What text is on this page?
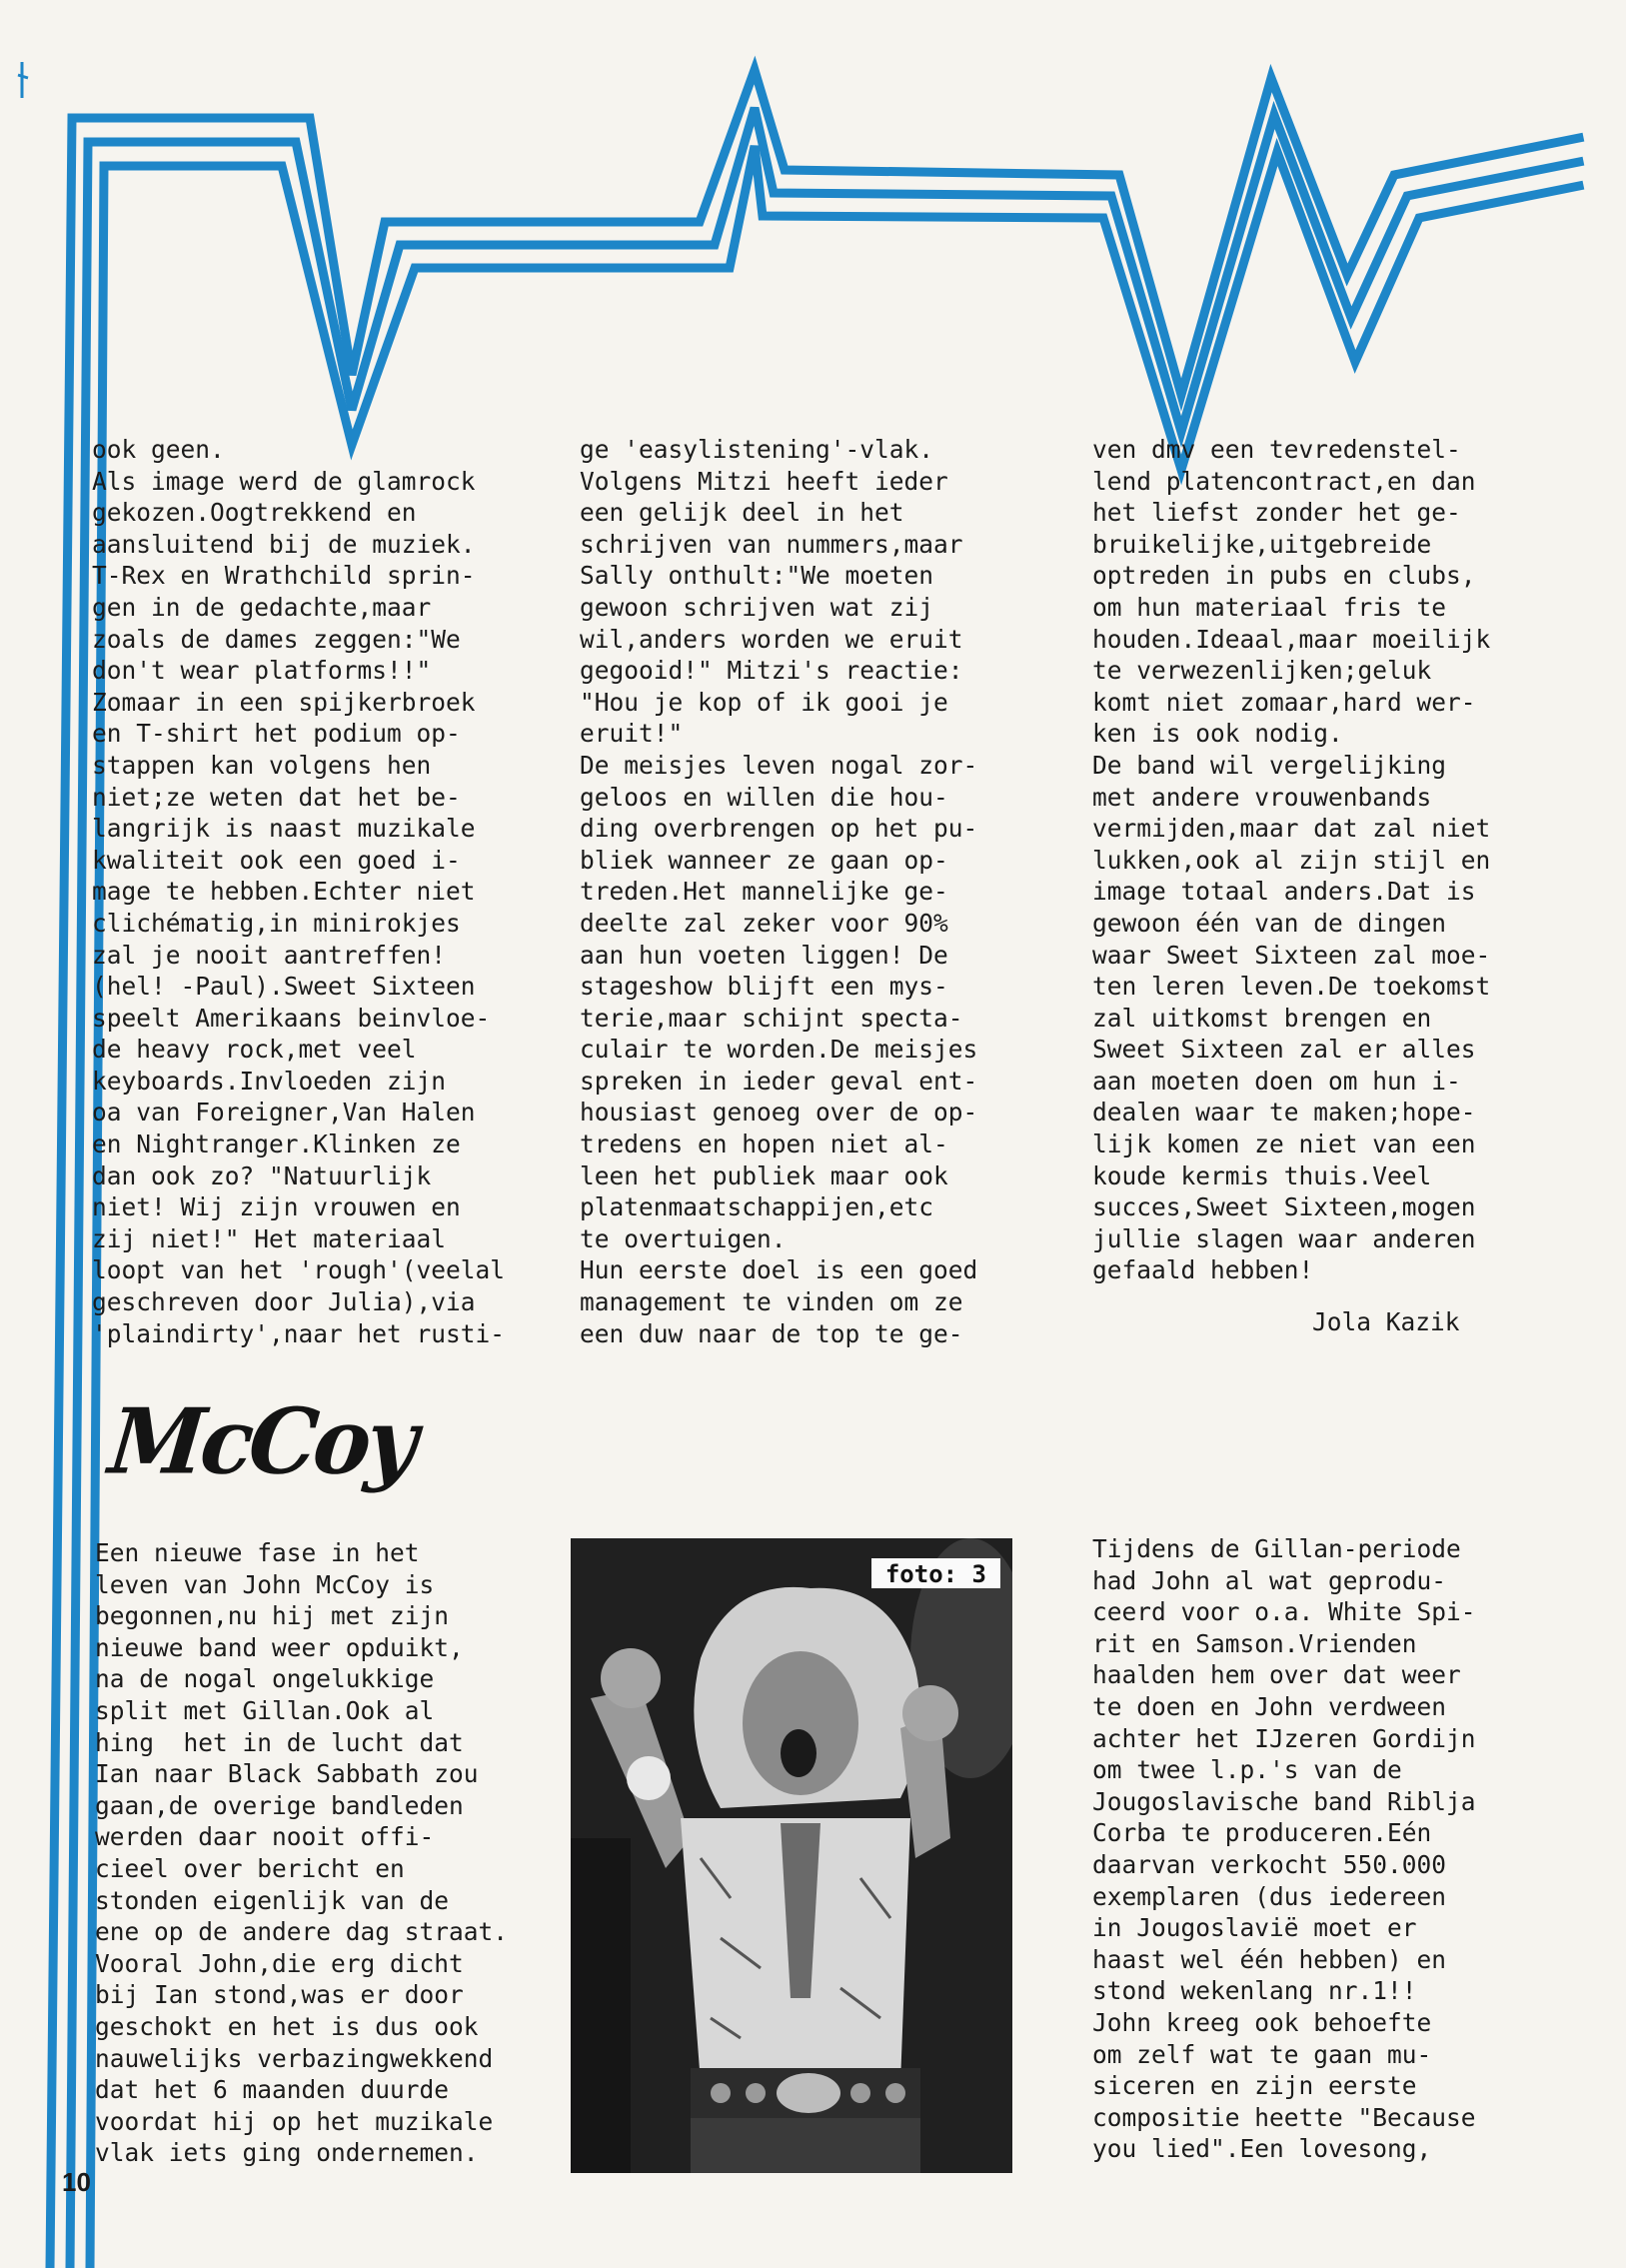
ook geen.
Als image werd de glamrock
gekozen.Oogtrekkend en
aansluitend bij de muziek.
T-Rex en Wrathchild sprin-
gen in de gedachte,maar
zoals de dames zeggen:"We
don't wear platforms!!"
Zomaar in een spijkerbroek
en T-shirt het podium op-
stappen kan volgens hen
niet;ze weten dat het be-
langrijk is naast muzikale
kwaliteit ook een goed i-
mage te hebben.Echter niet
clichématig,in minirokjes
zal je nooit aantreffen!
(hel! -Paul).Sweet Sixteen
speelt Amerikaans beinvloe-
de heavy rock,met veel
keyboards.Invloeden zijn
oa van Foreigner,Van Halen
en Nightranger.Klinken ze
dan ook zo? "Natuurlijk
niet! Wij zijn vrouwen en
zij niet!" Het materiaal
loopt van het 'rough'(veelal
geschreven door Julia),via
'plaindirty',naar het rusti-
ge 'easylistening'-vlak.
Volgens Mitzi heeft ieder
een gelijk deel in het
schrijven van nummers,maar
Sally onthult:"We moeten
gewoon schrijven wat zij
wil,anders worden we eruit
gegooid!" Mitzi's reactie:
"Hou je kop of ik gooi je
eruit!"
De meisjes leven nogal zor-
geloos en willen die hou-
ding overbrengen op het pu-
bliek wanneer ze gaan op-
treden.Het mannelijke ge-
deelte zal zeker voor 90%
aan hun voeten liggen! De
stageshow blijft een mys-
terie,maar schijnt specta-
culair te worden.De meisjes
spreken in ieder geval ent-
housiast genoeg over de op-
tredens en hopen niet al-
leen het publiek maar ook
platenmaatschappijen,etc
te overtuigen.
Hun eerste doel is een goed
management te vinden om ze
een duw naar de top te ge-
ven dmv een tevredenstel-
lend platencontract,en dan
het liefst zonder het ge-
bruikelijke,uitgebreide
optreden in pubs en clubs,
om hun materiaal fris te
houden.Ideaal,maar moeilijk
te verwezenlijken;geluk
komt niet zomaar,hard wer-
ken is ook nodig.
De band wil vergelijking
met andere vrouwenbands
vermijden,maar dat zal niet
lukken,ook al zijn stijl en
image totaal anders.Dat is
gewoon één van de dingen
waar Sweet Sixteen zal moe-
ten leren leven.De toekomst
zal uitkomst brengen en
Sweet Sixteen zal er alles
aan moeten doen om hun i-
dealen waar te maken;hope-
lijk komen ze niet van een
koude kermis thuis.Veel
succes,Sweet Sixteen,mogen
jullie slagen waar anderen
gefaald hebben!
Jola Kazik
McCoy
Een nieuwe fase in het
leven van John McCoy is
begonnen,nu hij met zijn
nieuwe band weer opduikt,
na de nogal ongelukkige
split met Gillan.Ook al
hing  het in de lucht dat
Ian naar Black Sabbath zou
gaan,de overige bandleden
werden daar nooit offi-
cieel over bericht en
stonden eigenlijk van de
ene op de andere dag straat.
Vooral John,die erg dicht
bij Ian stond,was er door
geschokt en het is dus ook
nauwelijks verbazingwekkend
dat het 6 maanden duurde
voordat hij op het muzikale
vlak iets ging ondernemen.
foto: 3
Tijdens de Gillan-periode
had John al wat geprodu-
ceerd voor o.a. White Spi-
rit en Samson.Vrienden
haalden hem over dat weer
te doen en John verdween
achter het IJzeren Gordijn
om twee l.p.'s van de
Jougoslavische band Riblja
Corba te produceren.Eén
daarvan verkocht 550.000
exemplaren (dus iedereen
in Jougoslavië moet er
haast wel één hebben) en
stond wekenlang nr.1!!
John kreeg ook behoefte
om zelf wat te gaan mu-
siceren en zijn eerste
compositie heette "Because
you lied".Een lovesong,
10
